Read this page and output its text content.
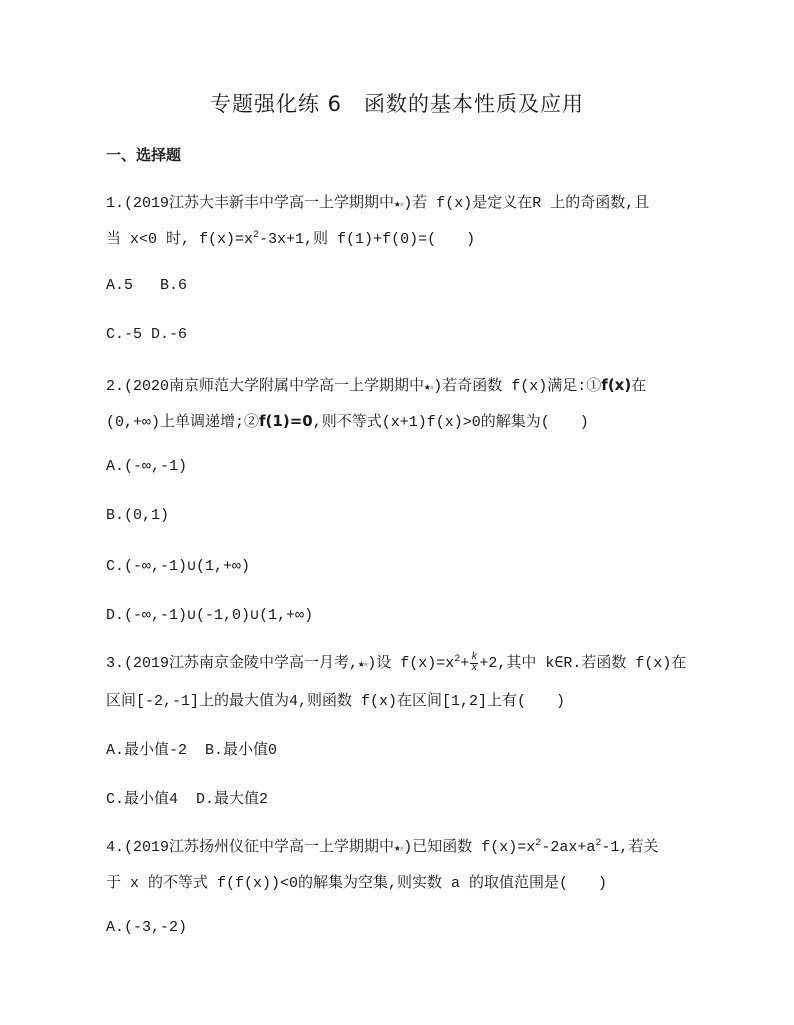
专题强化练 6　函数的基本性质及应用
一、选择题
1.(2019江苏大丰新丰中学高一上学期期中★★)若 f(x)是定义在R 上的奇函数,且
当 x<0 时, $f(x)=x^2-3x+1$,则 f(1)+f(0)=(　　)
A.5 B.6
C.-5 D.-6
2.(2020南京师范大学附属中学高一上学期期中★★)若奇函数 f(x)满足:①f(x)在
(0,+∞)上单调递增;②f(1)=0,则不等式(x+1)f(x)>0的解集为(　　)
A.(-∞,-1)
B.(0,1)
C.(-∞,-1)∪(1,+∞)
D.(-∞,-1)∪(-1,0)∪(1,+∞)
3.(2019江苏南京金陵中学高一月考,★★)设 $f(x)=x^2+ \frac{k}{x} +2$,其中 k∈R.若函数 f(x)在
区间[-2,-1]上的最大值为4,则函数 f(x)在区间[1,2]上有(　　)
A.最小值-2 B.最小值0
C.最小值4 D.最大值2
4.(2019江苏扬州仪征中学高一上学期期中★★)已知函数 $f(x)=x^2-2ax+a^2-1$,若关
于 x 的不等式 f(f(x))<0的解集为空集,则实数 a 的取值范围是(　　)
A.(-3,-2)
